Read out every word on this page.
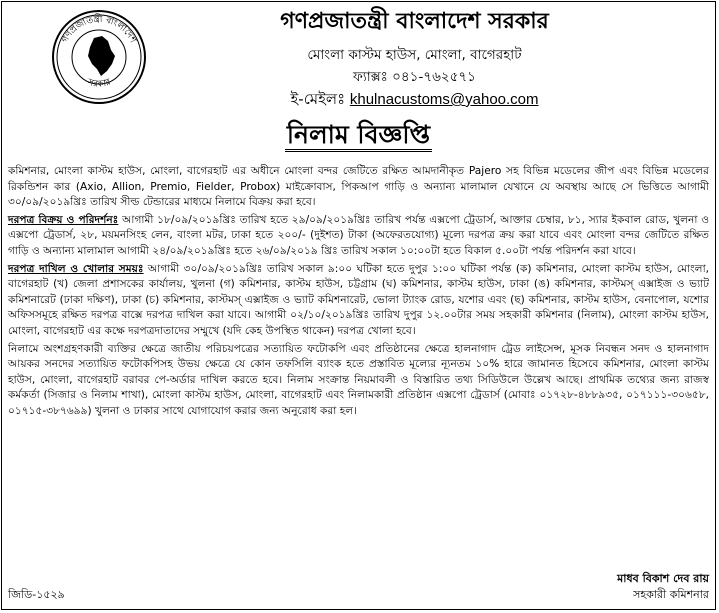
গণপ্রজাতন্ত্রী বাংলাদেশ
সরকার
গণপ্রজাতন্ত্রী বাংলাদেশ সরকার
মোংলা কাস্টম হাউস, মোংলা, বাগেরহাট
ফ্যাক্সঃ ০৪১-৭৬২৫৭১
ই-মেইলঃ khulnacustoms@yahoo.com
নিলাম বিজ্ঞপ্তি

কমিশনার, মোংলা কাস্টম হাউস, মোংলা, বাগেরহাট এর অধীনে মোংলা বন্দর জেটিতে রক্ষিত আমদানীকৃত Pajero সহ বিভিন্ন মডেলের জীপ এবং বিভিন্ন মডেলের রিকন্ডিশন কার (Axio, Allion, Premio, Fielder, Probox) মাইক্রোবাস, পিকআপ গাড়ি ও অন্যান্য মালামাল যেখানে যে অবস্থায় আছে সে ভিত্তিতে আগামী ৩০/০৯/২০১৯খ্রিঃ তারিখ সীল্ড টেন্ডারের মাধ্যমে নিলামে বিক্রয় করা হবে।

দরপত্র বিক্রয় ও পরিদর্শনঃ আগামী ১৮/০৯/২০১৯খ্রিঃ তারিখ হতে ২৯/০৯/২০১৯খ্রিঃ তারিখ পর্যন্ত এক্সপো ট্রেডার্স, আক্তার চেম্বার, ৮১, স্যার ইকবাল রোড, খুলনা ও এক্সপো ট্রেডার্স, ২৮, ময়মনসিংহ লেন, বাংলা মটর, ঢাকা হতে ২০০/- (দুইশত) টাকা (অফেরতযোগ্য) মূল্যে দরপত্র ক্রয় করা যাবে এবং মোংলা বন্দর জেটিতে রক্ষিত গাড়ি ও অন্যান্য মালামাল আগামী ২৪/০৯/২০১৯খ্রিঃ হতে ২৬/০৯/২০১৯ খ্রিঃ তারিখ সকাল ১০:০০টা হতে বিকাল ৫.০০টা পর্যন্ত পরিদর্শন করা যাবে।

দরপত্র দাখিল ও খোলার সময়ঃ আগামী ৩০/০৯/২০১৯খ্রিঃ তারিখ সকাল ৯:০০ ঘটিকা হতে দুপুর ১:০০ ঘটিকা পর্যন্ত (ক) কমিশনার, মোংলা কাস্টম হাউস, মোংলা, বাগেরহাট (খ) জেলা প্রশাসকের কার্যালয়, খুলনা (গ) কমিশনার, কাস্টম হাউস, চট্টগ্রাম (ঘ) কমিশনার, কাস্টম হাউস, ঢাকা (ঙ) কমিশনার, কাস্টমস্ এক্সাইজ ও ভ্যাট কমিশনারেট (ঢাকা দক্ষিণ), ঢাকা (চ) কমিশনার, কাস্টমস্ এক্সাইজ ও ভ্যাট কমিশনারেট, ভোলা ট্যাংক রোড, যশোর এবং (ছ) কমিশনার, কাস্টম হাউস, বেনাপোল, যশোর অফিসসমূহে রক্ষিত দরপত্র বাক্সে দরপত্র দাখিল করা যাবে। আগামী ০২/১০/২০১৯খ্রিঃ তারিখ দুপুর ১২.০০টার সময় সহকারী কমিশনার (নিলাম), মোংলা কাস্টম হাউস, মোংলা, বাগেরহাট এর কক্ষে দরপত্রদাতাদের সম্মুখে (যদি কেহ উপস্থিত থাকেন) দরপত্র খোলা হবে।

নিলামে অংশগ্রহণকারী ব্যক্তির ক্ষেত্রে জাতীয় পরিচয়পত্রের সত্যায়িত ফটোকপি এবং প্রতিষ্ঠানের ক্ষেত্রে হালনাগাদ ট্রেড লাইসেন্স, মূসক নিবন্ধন সনদ ও হালনাগাদ আয়কর সনদের সত্যায়িত ফটোকপিসহ উভয় ক্ষেত্রে যে কোন তফসিলি ব্যাংক হতে প্রস্তাবিত মূল্যের ন্যূনতম ১০% হারে জামানত হিসেবে কমিশনার, মোংলা কাস্টম হাউস, মোংলা, বাগেরহাট বরাবর পে-অর্ডার দাখিল করতে হবে। নিলাম সংক্রান্ত নিয়মাবলী ও বিস্তারিত তথ্য সিডিউলে উল্লেখ আছে। প্রাথমিক তথ্যের জন্য রাজস্ব কর্মকর্তা (সিজার ও নিলাম শাখা), মোংলা কাস্টম হাউস, মোংলা, বাগেরহাট এবং নিলামকারী প্রতিষ্ঠান এক্সপো ট্রেডার্স (মোবাঃ ০১৭২৮-৪৮৮৯৩৫, ০১৭১১১-৩০৬৫৮, ০১৭১৫-৩৮৭৬৯৯) খুলনা ও ঢাকার সাথে যোগাযোগ করার জন্য অনুরোধ করা হল।

জিডি-১৫২৯
মাধব বিকাশ দেব রায়
সহকারী কমিশনার
